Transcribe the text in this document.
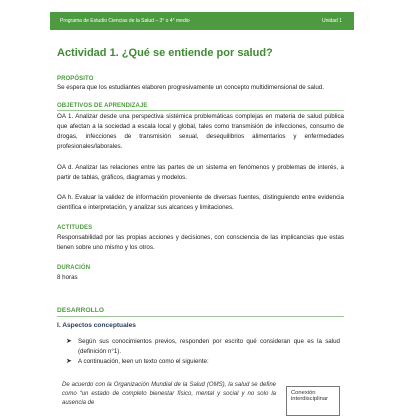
Programa de Estudio Ciencias de la Salud – 3° o 4° medio	Unidad 1
Actividad 1. ¿Qué se entiende por salud?
PROPÓSITO
Se espera que los estudiantes elaboren progresivamente un concepto multidimensional de salud.
OBJETIVOS DE APRENDIZAJE
OA 1. Analizar desde una perspectiva sistémica problemáticas complejas en materia de salud pública que afectan a la sociedad a escala local y global, tales como transmisión de infecciones, consumo de drogas, infecciones de transmisión sexual, desequilibrios alimentarios y enfermedades profesionales/laborales.
OA d. Analizar las relaciones entre las partes de un sistema en fenómenos y problemas de interés, a partir de tablas, gráficos, diagramas y modelos.
OA h. Evaluar la validez de información proveniente de diversas fuentes, distinguiendo entre evidencia científica e interpretación, y analizar sus alcances y limitaciones.
ACTITUDES
Responsabilidad por las propias acciones y decisiones, con consciencia de las implicancias que estas tienen sobre uno mismo y los otros.
DURACIÓN
8 horas
DESARROLLO
I. Aspectos conceptuales
➤ Según sus conocimientos previos, responden por escrito qué consideran que es la salud (definición n°1).
➤ A continuación, leen un texto como el siguiente:
De acuerdo con la Organización Mundial de la Salud (OMS), la salud se define como “un estado de completo bienestar físico, mental y social y no solo la ausencia de
Conexión interdisciplinar
